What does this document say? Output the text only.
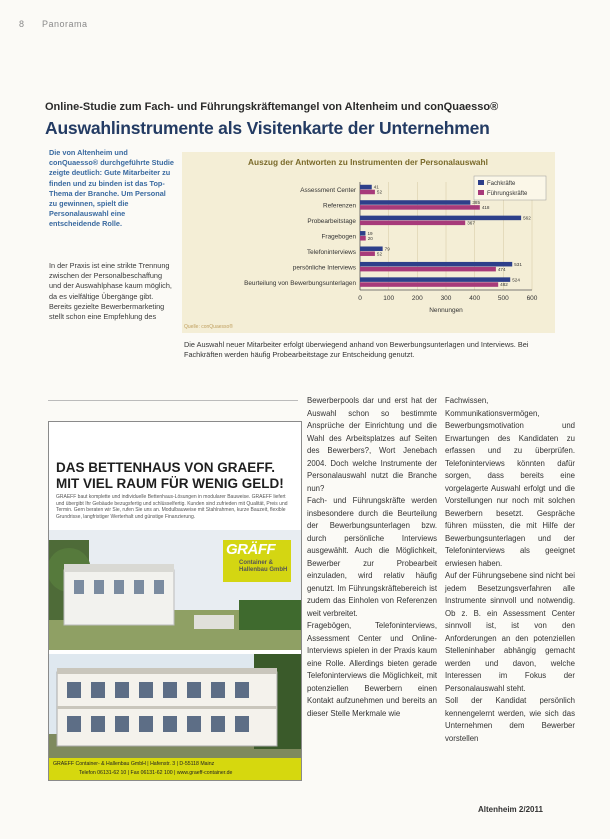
8 Panorama
Online-Studie zum Fach- und Führungskräftemangel von Altenheim und conQuaesso®
Auswahlinstrumente als Visitenkarte der Unternehmen
Die von Altenheim und conQuaesso® durchgeführte Studie zeigte deutlich: Gute Mitarbeiter zu finden und zu binden ist das Top-Thema der Branche. Um Personal zu gewinnen, spielt die Personalauswahl eine entscheidende Rolle.
In der Praxis ist eine strikte Trennung zwischen der Personalbeschaffung und der Auswahlphase kaum möglich, da es vielfältige Übergänge gibt. Bereits gezielte Bewerbermarketing stellt schon eine Empfehlung des
Auszug der Antworten zu Instrumenten der Personalauswahl
0	100	200	300	400	500	600
Nennungen
Assessment Center	41
52
Referenzen	385
418
Probearbeitstage	562
367
Fragebogen 19
20
Telefoninterviews	79
52
persönliche Interviews	531
474
Beurteilung von Bewerbungsunterlagen	524
482
Fachkräfte
Führungskräfte
Quelle: conQuaesso®
Die Auswahl neuer Mitarbeiter erfolgt überwiegend anhand von Bewerbungsunterlagen und Interviews. Bei Fachkräften werden häufig Probearbeitstage zur Entscheidung genutzt.
DAS BETTENHAUS VON GRAEFF. MIT VIEL RAUM FÜR WENIG GELD!
GRAEFF baut komplette und individuelle Bettenhaus-Lösungen in modularer Bauweise. GRAEFF liefert und übergibt Ihr Gebäude bezugsfertig und schlüsselfertig. Kunden sind zufrieden mit Qualität, Preis und Termin. Gern beraten wir Sie, rufen Sie uns an. Modulbauweise mit Stahlrahmen, kurze Bauzeit, flexible Grundrisse, langfristiger Werterhalt und günstige Finanzierung.
GRÄFF
Container & Hallenbau GmbH
GRAEFF Container- & Hallenbau GmbH | Hafenstr. 3 | D-55118 Mainz
Telefon 06131-62 10 | Fax 06131-62 100 | www.graeff-container.de

Bewerberpools dar und erst hat der Auswahl schon so bestimmte Ansprüche der Einrichtung und die Wahl des Arbeitsplatzes auf Seiten des Bewerbers?, Wort Jenebach 2004. Doch welche Instrumente der Personalauswahl nutzt die Branche nun?

Fach- und Führungskräfte werden insbesondere durch die Beurteilung der Bewerbungsunterlagen bzw. durch persönliche Interviews ausgewählt. Auch die Möglichkeit, Bewerber zur Probearbeit einzuladen, wird relativ häufig genutzt. Im Führungskräftebereich ist zudem das Einholen von Referenzen weit verbreitet.

Fragebögen, Telefoninterviews, Assessment Center und Online-Interviews spielen in der Praxis kaum eine Rolle. Allerdings bieten gerade Telefoninterviews die Möglichkeit, mit potenziellen Bewerbern einen Kontakt aufzunehmen und bereits an dieser Stelle Merkmale wie

Fachwissen, Kommunikationsvermögen, Bewerbungsmotivation und Erwartungen des Kandidaten zu erfassen und zu überprüfen. Telefoninterviews könnten dafür sorgen, dass bereits eine vorgelagerte Auswahl erfolgt und die Vorstellungen nur noch mit solchen Bewerbern besetzt. Gespräche führen müssten, die mit Hilfe der Bewerbungsunterlagen und der Telefoninterviews als geeignet erwiesen haben.

Auf der Führungsebene sind nicht bei jedem Besetzungsverfahren alle Instrumente sinnvoll und notwendig. Ob z. B. ein Assessment Center sinnvoll ist, ist von den Anforderungen an den potenziellen Stelleninhaber abhängig gemacht werden und davon, welche Interessen im Fokus der Personalauswahl steht.

Soll der Kandidat persönlich kennengelernt werden, wie sich das Unternehmen dem Bewerber vorstellen

Altenheim 2/2011
